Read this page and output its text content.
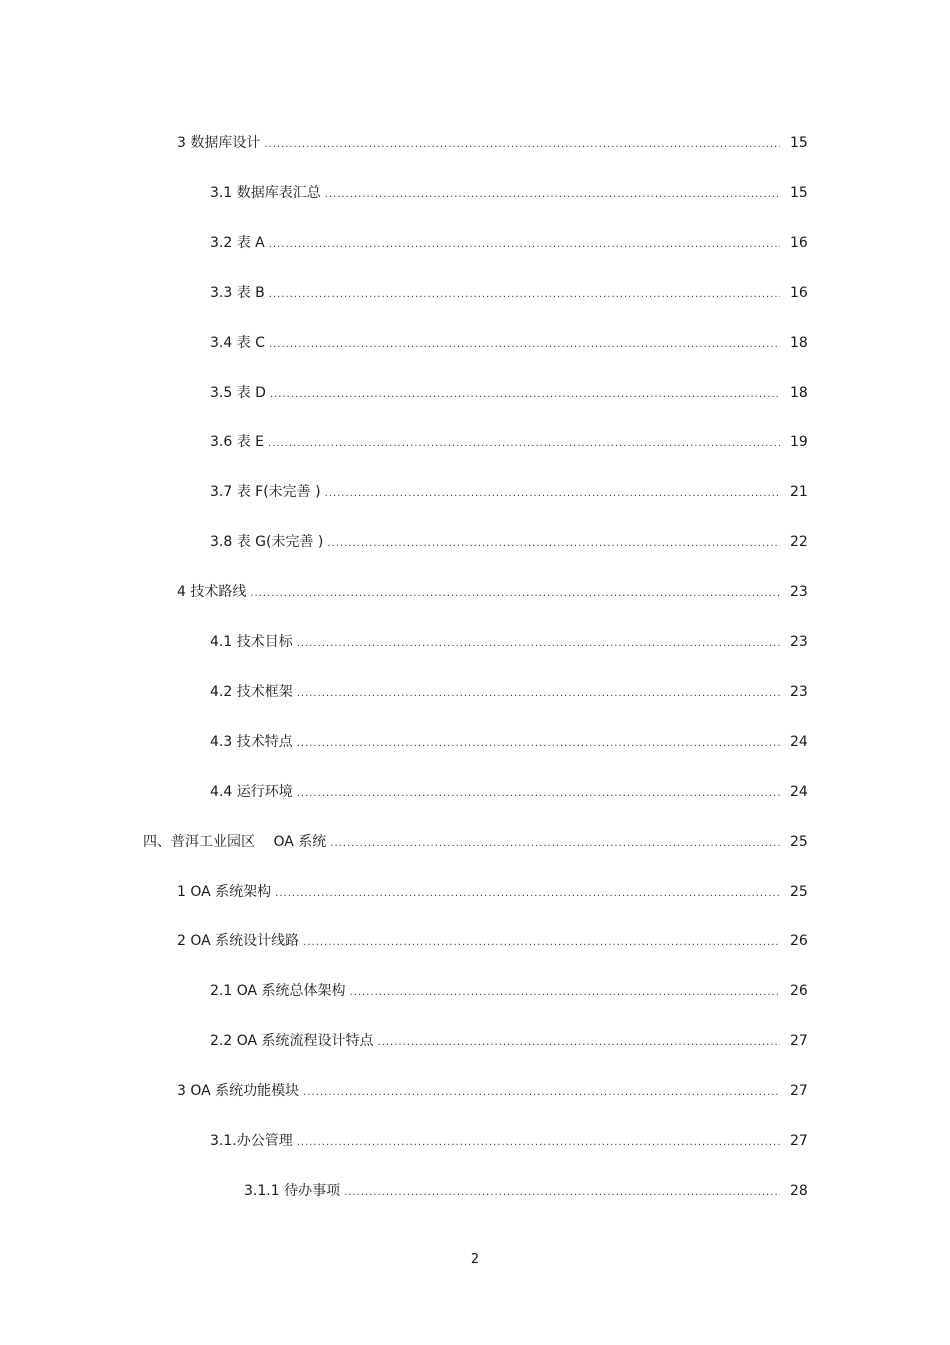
3 数据库设计 .....	15
3.1 数据库表汇总 .....	15
3.2 表 A .....	16
3.3 表 B .....	16
3.4 表 C .....	18
3.5 表 D .....	18
3.6 表 E .....	19
3.7 表 F(未完善 ) .....	21
3.8 表 G(未完善 ) .....	22
4 技术路线 .....	23
4.1 技术目标 .....	23
4.2 技术框架 .....	23
4.3 技术特点 .....	24
4.4 运行环境 .....	24
四、普洱工业园区　 OA 系统 .....	25
1 OA 系统架构 .....	25
2 OA 系统设计线路 .....	26
2.1 OA 系统总体架构 .....	26
2.2 OA 系统流程设计特点 .....	27
3 OA 系统功能模块 .....	27
3.1.办公管理 .....	27
3.1.1 待办事项 .....	28
2
